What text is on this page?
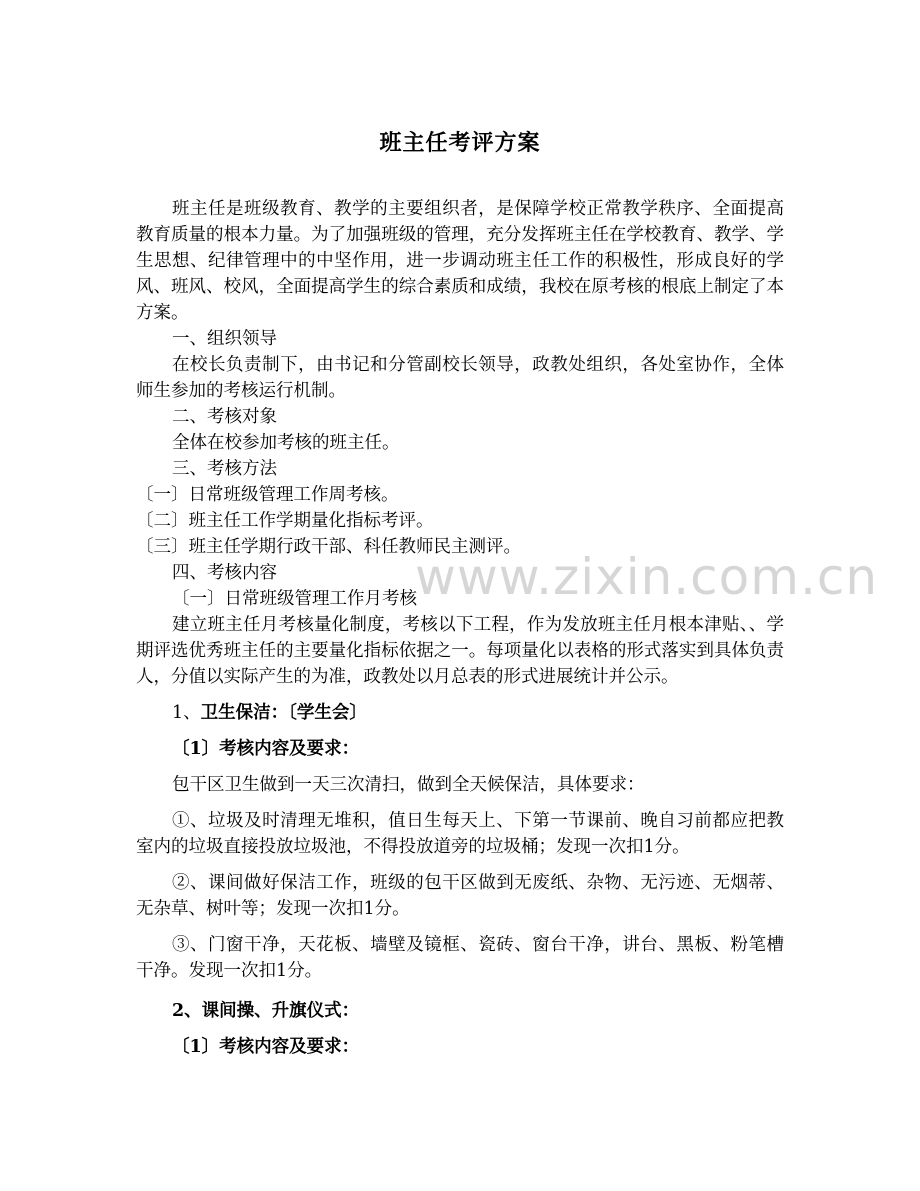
www.zixin.com.cn
班主任考评方案

班主任是班级教育、教学的主要组织者，是保障学校正常教学秩序、全面提高教育质量的根本力量。为了加强班级的管理，充分发挥班主任在学校教育、教学、学生思想、纪律管理中的中坚作用，进一步调动班主任工作的积极性，形成良好的学风、班风、校风，全面提高学生的综合素质和成绩，我校在原考核的根底上制定了本方案。

一、组织领导

在校长负责制下，由书记和分管副校长领导，政教处组织，各处室协作，全体师生参加的考核运行机制。

二、考核对象

全体在校参加考核的班主任。

三、考核方法

〔一〕日常班级管理工作周考核。

〔二〕班主任工作学期量化指标考评。

〔三〕班主任学期行政干部、科任教师民主测评。

四、考核内容

〔一〕日常班级管理工作月考核

建立班主任月考核量化制度，考核以下工程，作为发放班主任月根本津贴、、学期评选优秀班主任的主要量化指标依据之一。每项量化以表格的形式落实到具体负责人，分值以实际产生的为准，政教处以月总表的形式进展统计并公示。

1、卫生保洁：〔学生会〕

〔1〕考核内容及要求：

包干区卫生做到一天三次清扫，做到全天候保洁，具体要求：

①、垃圾及时清理无堆积，值日生每天上、下第一节课前、晚自习前都应把教室内的垃圾直接投放垃圾池，不得投放道旁的垃圾桶；发现一次扣1分。

②、课间做好保洁工作，班级的包干区做到无废纸、杂物、无污迹、无烟蒂、无杂草、树叶等；发现一次扣1分。

③、门窗干净，天花板、墙壁及镜框、瓷砖、窗台干净，讲台、黑板、粉笔槽干净。发现一次扣1分。

2、课间操、升旗仪式：

〔1〕考核内容及要求：
